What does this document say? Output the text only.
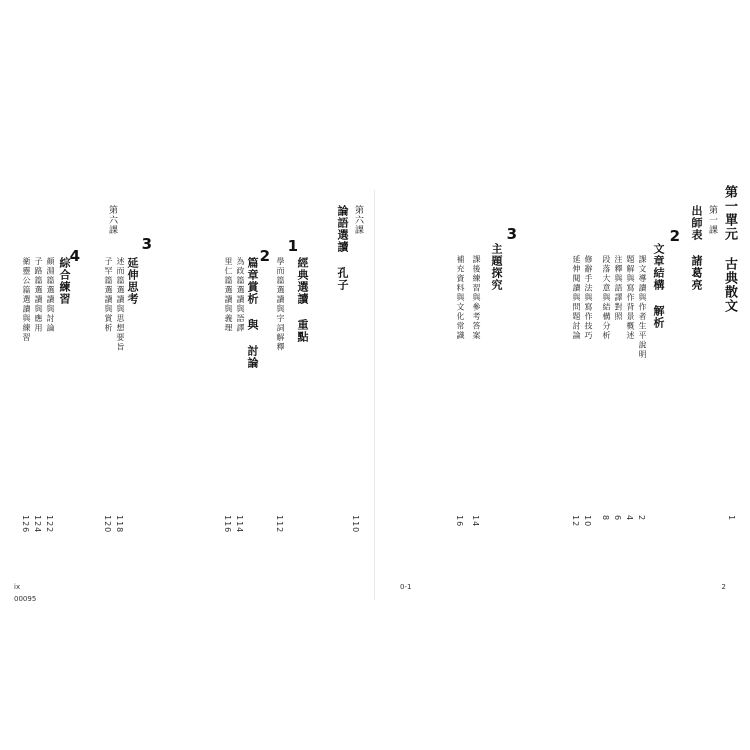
第一單元 古典散文
第一課
出師表 諸葛亮
2
文章結構 解析
課文導讀與作者生平說明
題解與寫作背景概述
注釋與語譯對照
段落大意與結構分析
修辭手法與寫作技巧
延伸閱讀與問題討論
3
主題探究
課後練習與參考答案
補充資料與文化常識
1
2
4
6
8
10
12
14
16
2
0-1
第六課
論語選讀 孔子
1
經典選讀 重點
學而篇選讀與字詞解釋
2
篇章賞析 與 討論
為政篇選讀與語譯
里仁篇選讀與義理
第六課
3
延伸思考
述而篇選讀與思想要旨
子罕篇選讀與賞析
4
綜合練習
顏淵篇選讀與討論
子路篇選讀與應用
衛靈公篇選讀與練習
110
112
114
116
118
120
122
124
126
ix
00095
